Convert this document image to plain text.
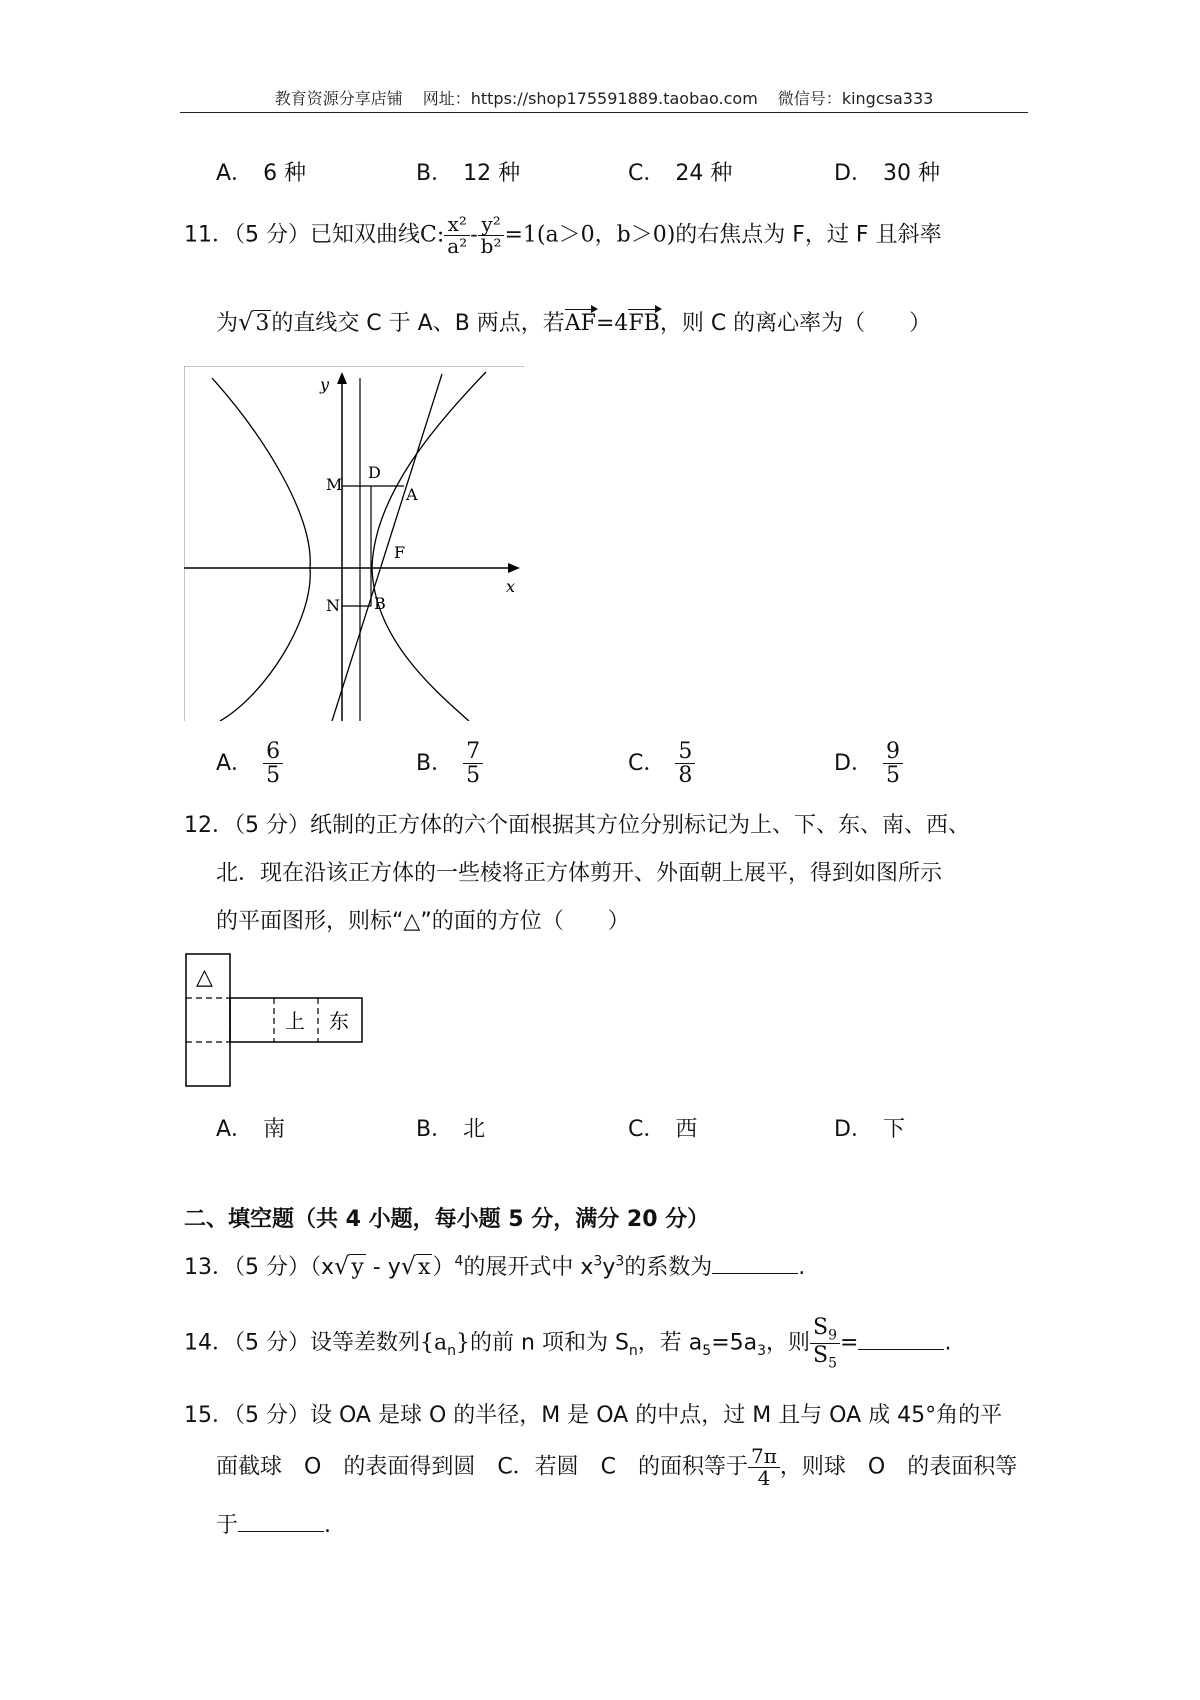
教育资源分享店铺 网址：https://shop175591889.taobao.com 微信号：kingcsa333
A． 6 种	B． 12 种	C． 24 种	D． 30 种
11．（5 分）已知双曲线C: $\frac{\text{x²}}{\text{a²}} - \frac{\text{y²}}{\text{b²}} =1(a>0$，b＞0)的右焦点为 F，过 F 且斜率
为√3的直线交 C 于 A、B 两点，若AF=4FB，则 C 的离心率为（　　）
y
x
M
D
A
F
N B
A． $\frac{6}{5}$	B． $\frac{7}{5}$	C． $\frac{5}{8}$	D． $\frac{9}{5}$
12．（5 分）纸制的正方体的六个面根据其方位分别标记为上、下、东、南、西、
北．现在沿该正方体的一些棱将正方体剪开、外面朝上展平，得到如图所示
的平面图形，则标“△”的面的方位（　　）
△
上 东
A． 南	B． 北	C． 西	D． 下
二、填空题（共 4 小题，每小题 5 分，满分 20 分）
13．（5 分）（x√y - y√x）$^4$的展开式中 $x^3y^3$的系数为	.
14．（5 分）设等差数列$\{a_n\}$的前 n 项和为 $S_n$，若 $a_5=5a_3$，则 $\frac{S_9}{S_5}$ =	.
15．（5 分）设 OA 是球 O 的半径，M 是 OA 的中点，过 M 且与 OA 成 45°角的平
面截球　O　的表面得到圆　C．若圆　C　的面积等于 $\frac{7\pi}{4}$ ，则球　O　的表面积等
于	.
